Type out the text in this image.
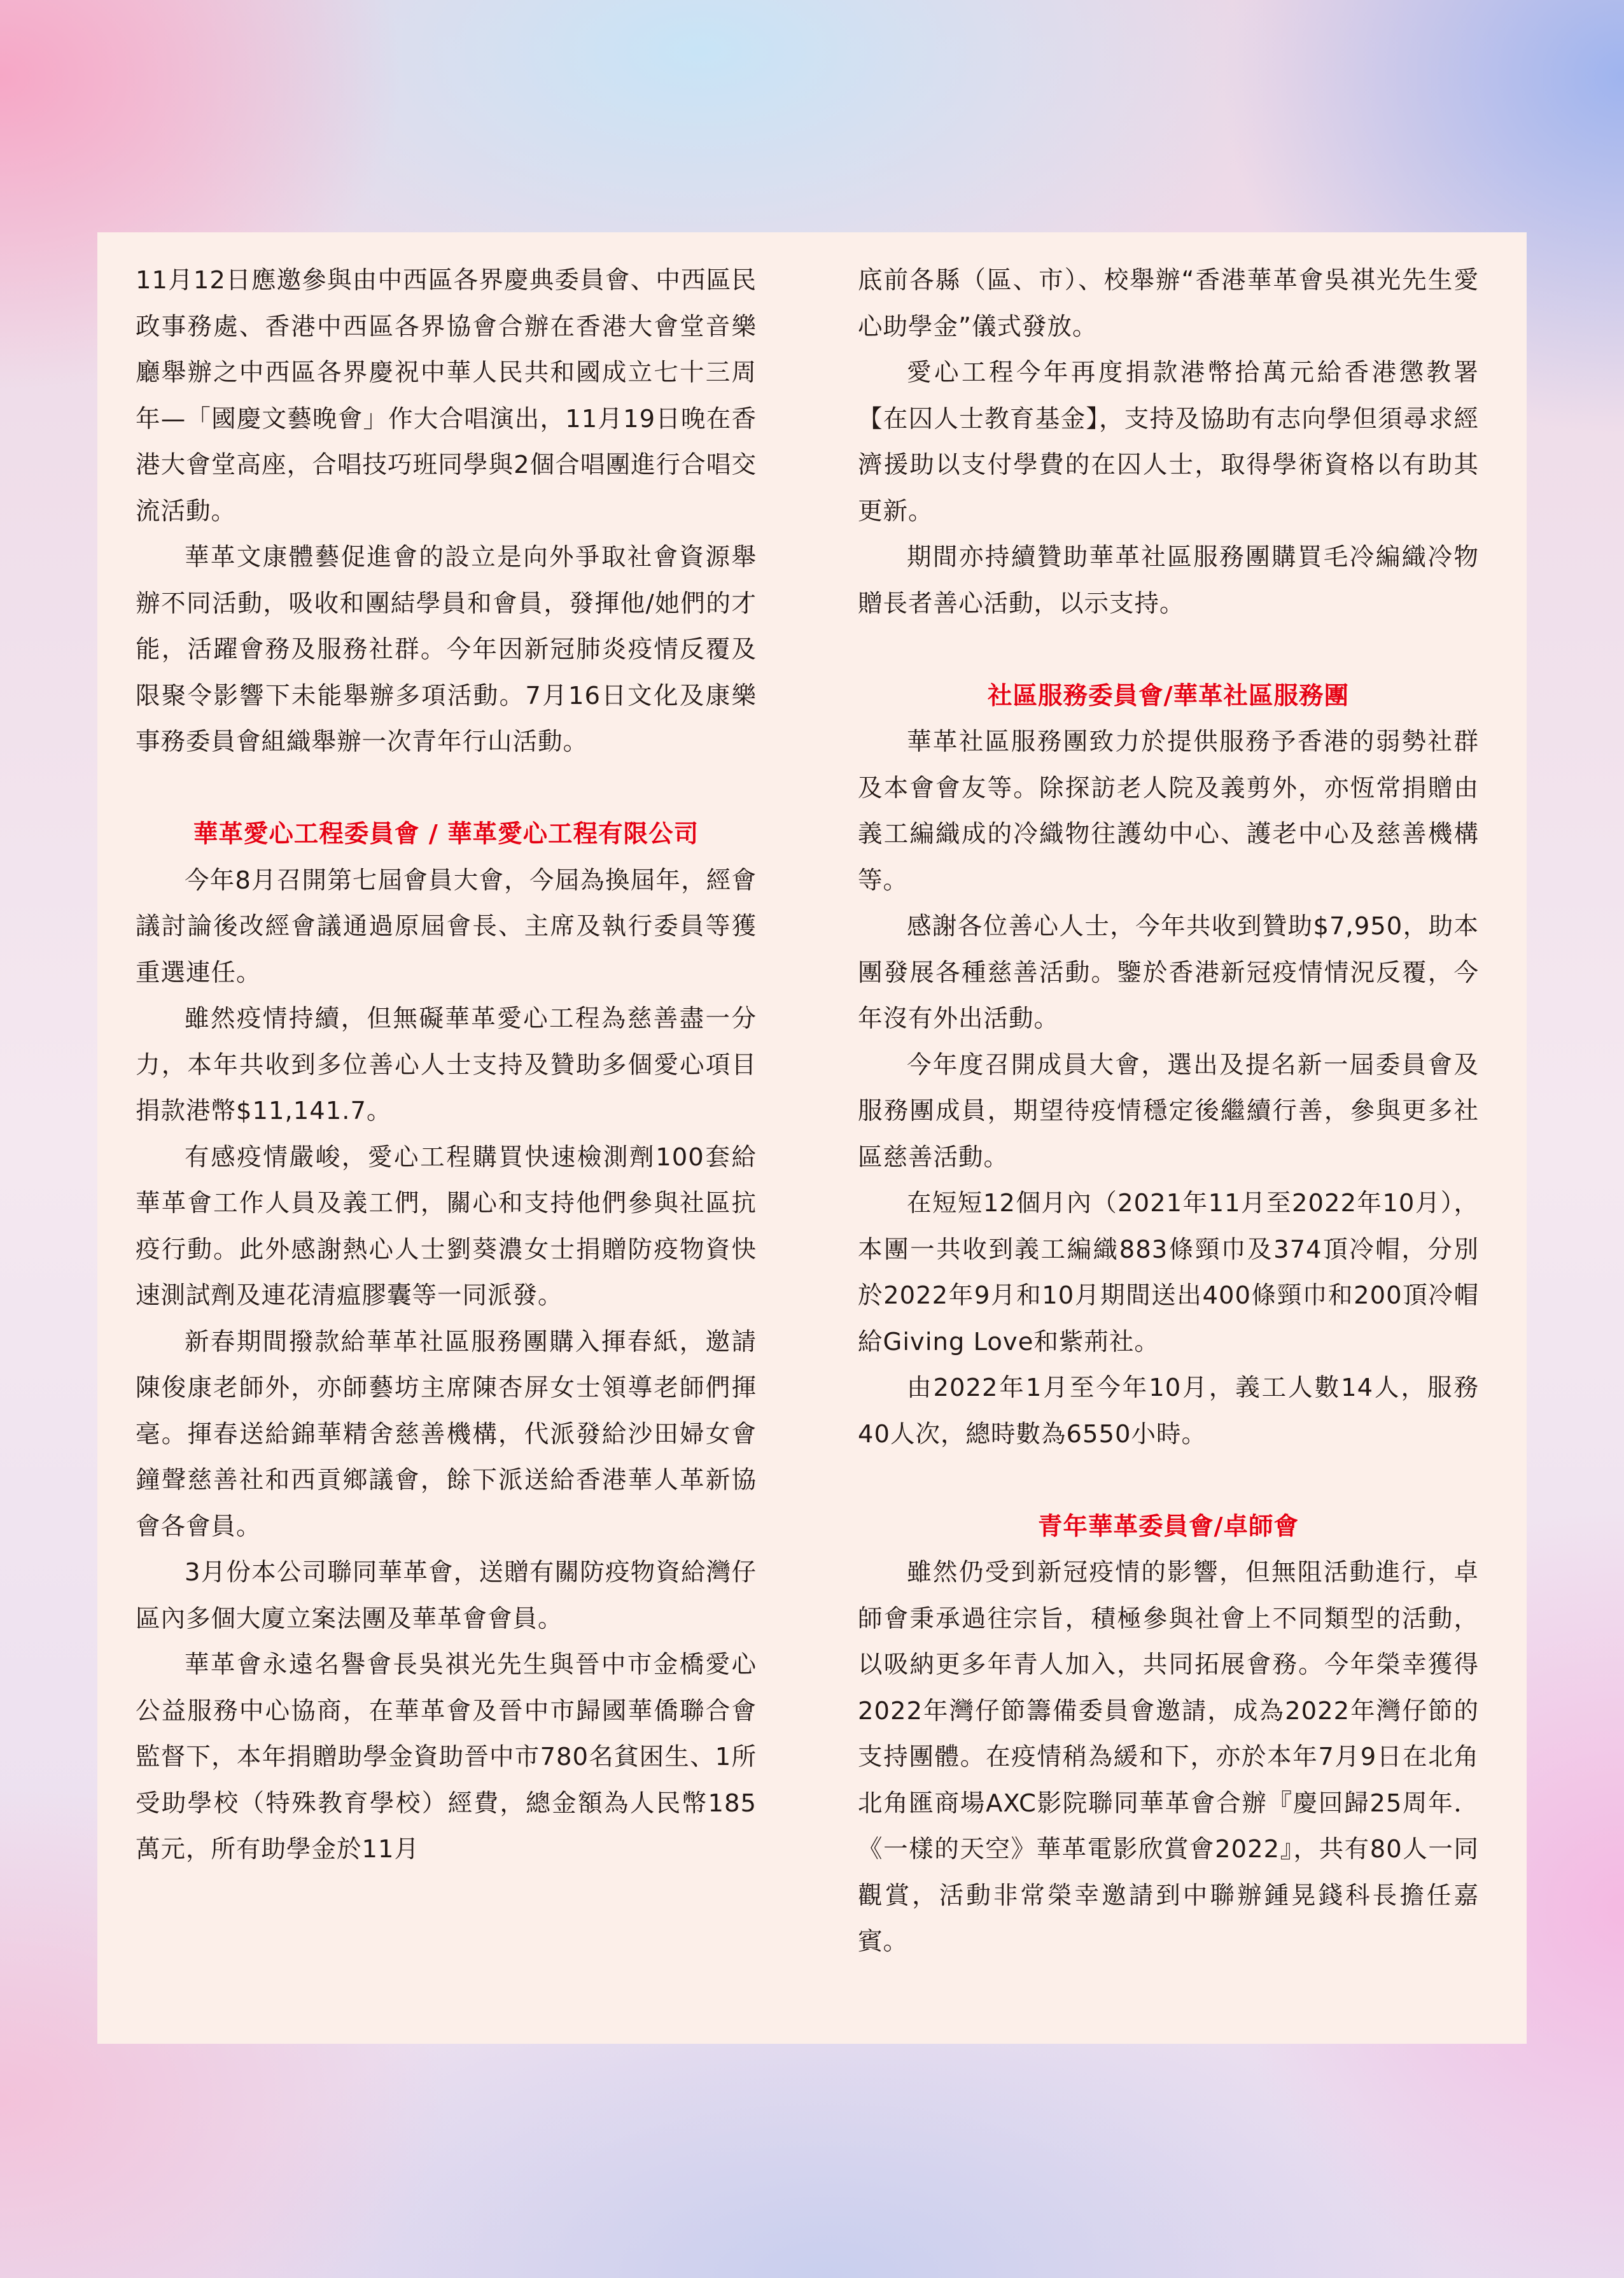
11月12日應邀參與由中西區各界慶典委員會、中西區民政事務處、香港中西區各界協會合辦在香港大會堂音樂廳舉辦之中西區各界慶祝中華人民共和國成立七十三周年—「國慶文藝晚會」作大合唱演出，11月19日晚在香港大會堂高座，合唱技巧班同學與2個合唱團進行合唱交流活動。

華革文康體藝促進會的設立是向外爭取社會資源舉辦不同活動，吸收和團結學員和會員，發揮他/她們的才能，活躍會務及服務社群。今年因新冠肺炎疫情反覆及限聚令影響下未能舉辦多項活動。7月16日文化及康樂事務委員會組織舉辦一次青年行山活動。

華革愛心工程委員會 / 華革愛心工程有限公司

今年8月召開第七屆會員大會，今屆為換屆年，經會議討論後改經會議通過原屆會長、主席及執行委員等獲重選連任。

雖然疫情持續，但無礙華革愛心工程為慈善盡一分力，本年共收到多位善心人士支持及贊助多個愛心項目捐款港幣$11,141.7。

有感疫情嚴峻，愛心工程購買快速檢測劑100套給華革會工作人員及義工們，關心和支持他們參與社區抗疫行動。此外感謝熱心人士劉葵濃女士捐贈防疫物資快速測試劑及連花清瘟膠囊等一同派發。

新春期間撥款給華革社區服務團購入揮春紙，邀請陳俊康老師外，亦師藝坊主席陳杏屏女士領導老師們揮毫。揮春送給錦華精舍慈善機構，代派發給沙田婦女會鐘聲慈善社和西貢鄉議會，餘下派送給香港華人革新協會各會員。

3月份本公司聯同華革會，送贈有關防疫物資給灣仔區內多個大廈立案法團及華革會會員。

華革會永遠名譽會長吳祺光先生與晉中市金橋愛心公益服務中心協商，在華革會及晉中市歸國華僑聯合會監督下，本年捐贈助學金資助晉中市780名貧困生、1所受助學校（特殊教育學校）經費，總金額為人民幣185萬元，所有助學金於11月

底前各縣（區、市）、校舉辦“香港華革會吳祺光先生愛心助學金”儀式發放。

愛心工程今年再度捐款港幣拾萬元給香港懲教署【在囚人士教育基金】，支持及協助有志向學但須尋求經濟援助以支付學費的在囚人士，取得學術資格以有助其更新。

期間亦持續贊助華革社區服務團購買毛冷編織冷物贈長者善心活動，以示支持。

社區服務委員會/華革社區服務團

華革社區服務團致力於提供服務予香港的弱勢社群及本會會友等。除探訪老人院及義剪外，亦恆常捐贈由義工編織成的冷織物往護幼中心、護老中心及慈善機構等。

感謝各位善心人士，今年共收到贊助$7,950，助本團發展各種慈善活動。鑒於香港新冠疫情情況反覆，今年沒有外出活動。

今年度召開成員大會，選出及提名新一屆委員會及服務團成員，期望待疫情穩定後繼續行善，參與更多社區慈善活動。

在短短12個月內（2021年11月至2022年10月），本團一共收到義工編織883條頸巾及374頂冷帽，分別於2022年9月和10月期間送出400條頸巾和200頂冷帽給Giving Love和紫荊社。

由2022年1月至今年10月，義工人數14人，服務40人次，總時數為6550小時。

青年華革委員會/卓師會

雖然仍受到新冠疫情的影響，但無阻活動進行，卓師會秉承過往宗旨，積極參與社會上不同類型的活動，以吸納更多年青人加入，共同拓展會務。今年榮幸獲得2022年灣仔節籌備委員會邀請，成為2022年灣仔節的支持團體。在疫情稍為緩和下，亦於本年7月9日在北角北角匯商場AXC影院聯同華革會合辦『慶回歸25周年．《一樣的天空》華革電影欣賞會2022』，共有80人一同觀賞，活動非常榮幸邀請到中聯辦鍾晃錢科長擔任嘉賓。
